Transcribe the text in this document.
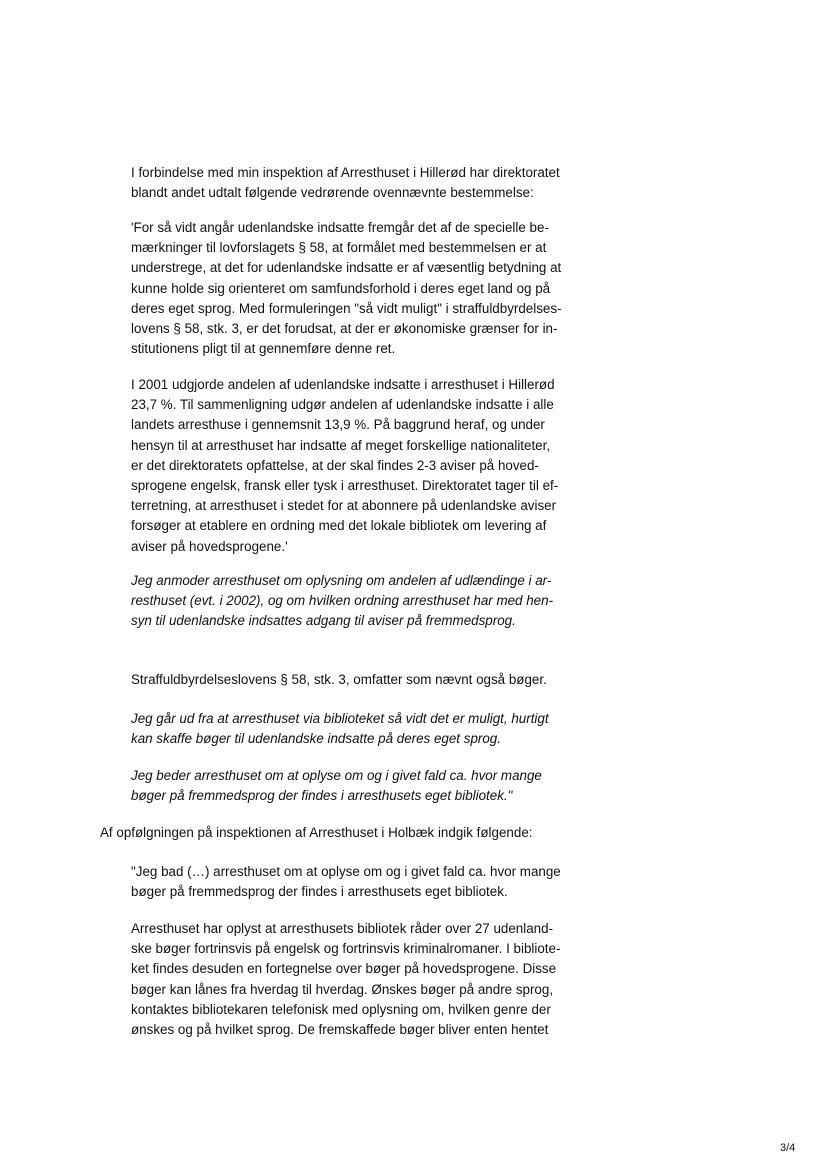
I forbindelse med min inspektion af Arresthuset i Hillerød har direktoratet
blandt andet udtalt følgende vedrørende ovennævnte bestemmelse:
'For så vidt angår udenlandske indsatte fremgår det af de specielle be-
mærkninger til lovforslagets § 58, at formålet med bestemmelsen er at
understrege, at det for udenlandske indsatte er af væsentlig betydning at
kunne holde sig orienteret om samfundsforhold i deres eget land og på
deres eget sprog. Med formuleringen "så vidt muligt" i straffuldbyrdelses-
lovens § 58, stk. 3, er det forudsat, at der er økonomiske grænser for in-
stitutionens pligt til at gennemføre denne ret.
I 2001 udgjorde andelen af udenlandske indsatte i arresthuset i Hillerød
23,7 %. Til sammenligning udgør andelen af udenlandske indsatte i alle
landets arresthuse i gennemsnit 13,9 %. På baggrund heraf, og under
hensyn til at arresthuset har indsatte af meget forskellige nationaliteter,
er det direktoratets opfattelse, at der skal findes 2-3 aviser på hoved-
sprogene engelsk, fransk eller tysk i arresthuset. Direktoratet tager til ef-
terretning, at arresthuset i stedet for at abonnere på udenlandske aviser
forsøger at etablere en ordning med det lokale bibliotek om levering af
aviser på hovedsprogene.'
Jeg anmoder arresthuset om oplysning om andelen af udlændinge i ar-
resthuset (evt. i 2002), og om hvilken ordning arresthuset har med hen-
syn til udenlandske indsattes adgang til aviser på fremmedsprog.
Straffuldbyrdelseslovens § 58, stk. 3, omfatter som nævnt også bøger.
Jeg går ud fra at arresthuset via biblioteket så vidt det er muligt, hurtigt
kan skaffe bøger til udenlandske indsatte på deres eget sprog.
Jeg beder arresthuset om at oplyse om og i givet fald ca. hvor mange
bøger på fremmedsprog der findes i arresthusets eget bibliotek."
Af opfølgningen på inspektionen af Arresthuset i Holbæk indgik følgende:
"Jeg bad (…) arresthuset om at oplyse om og i givet fald ca. hvor mange
bøger på fremmedsprog der findes i arresthusets eget bibliotek.
Arresthuset har oplyst at arresthusets bibliotek råder over 27 udenland-
ske bøger fortrinsvis på engelsk og fortrinsvis kriminalromaner. I bibliote-
ket findes desuden en fortegnelse over bøger på hovedsprogene. Disse
bøger kan lånes fra hverdag til hverdag. Ønskes bøger på andre sprog,
kontaktes bibliotekaren telefonisk med oplysning om, hvilken genre der
ønskes og på hvilket sprog. De fremskaffede bøger bliver enten hentet
3/4
